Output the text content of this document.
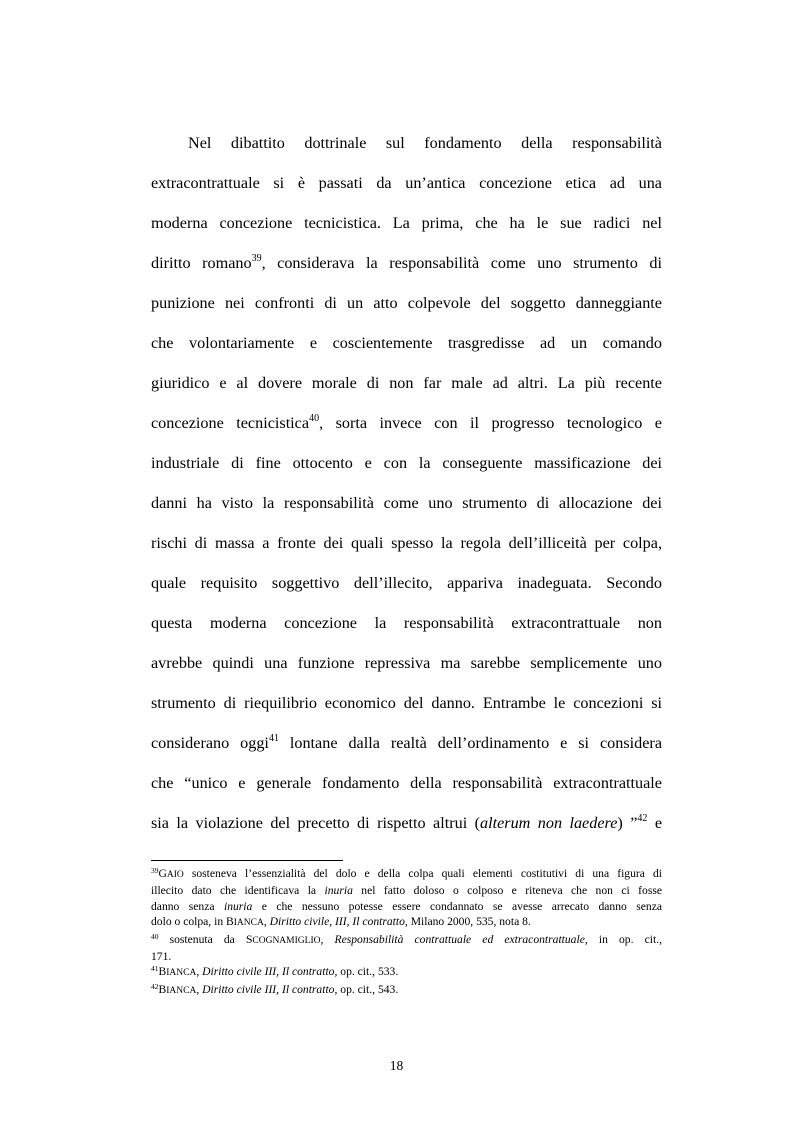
Nel dibattito dottrinale sul fondamento della responsabilità
extracontrattuale si è passati da un’antica concezione etica ad una
moderna concezione tecnicistica. La prima, che ha le sue radici nel
diritto romano$^{39}$, considerava la responsabilità come uno strumento di
punizione nei confronti di un atto colpevole del soggetto danneggiante
che volontariamente e coscientemente trasgredisse ad un comando
giuridico e al dovere morale di non far male ad altri. La più recente
concezione tecnicistica$^{40}$, sorta invece con il progresso tecnologico e
industriale di fine ottocento e con la conseguente massificazione dei
danni ha visto la responsabilità come uno strumento di allocazione dei
rischi di massa a fronte dei quali spesso la regola dell’illiceità per colpa,
quale requisito soggettivo dell’illecito, appariva inadeguata. Secondo
questa moderna concezione la responsabilità extracontrattuale non
avrebbe quindi una funzione repressiva ma sarebbe semplicemente uno
strumento di riequilibrio economico del danno. Entrambe le concezioni si
considerano oggi$^{41}$ lontane dalla realtà dell’ordinamento e si considera
che “unico e generale fondamento della responsabilità extracontrattuale
sia la violazione del precetto di rispetto altrui (alterum non laedere) ”$^{42}$ e
$^{39}$GAIO sosteneva l’essenzialità del dolo e della colpa quali elementi costitutivi di una figura di
illecito dato che identificava la inuria nel fatto doloso o colposo e riteneva che non ci fosse
danno senza inuria e che nessuno potesse essere condannato se avesse arrecato danno senza
dolo o colpa, in BIANCA, Diritto civile, III, Il contratto, Milano 2000, 535, nota 8.
$^{40}$ sostenuta da SCOGNAMIGLIO, Responsabilità contrattuale ed extracontrattuale, in op. cit.,
171.
$^{41}$BIANCA, Diritto civile III, Il contratto, op. cit., 533.
$^{42}$BIANCA, Diritto civile III, Il contratto, op. cit., 543.
18
